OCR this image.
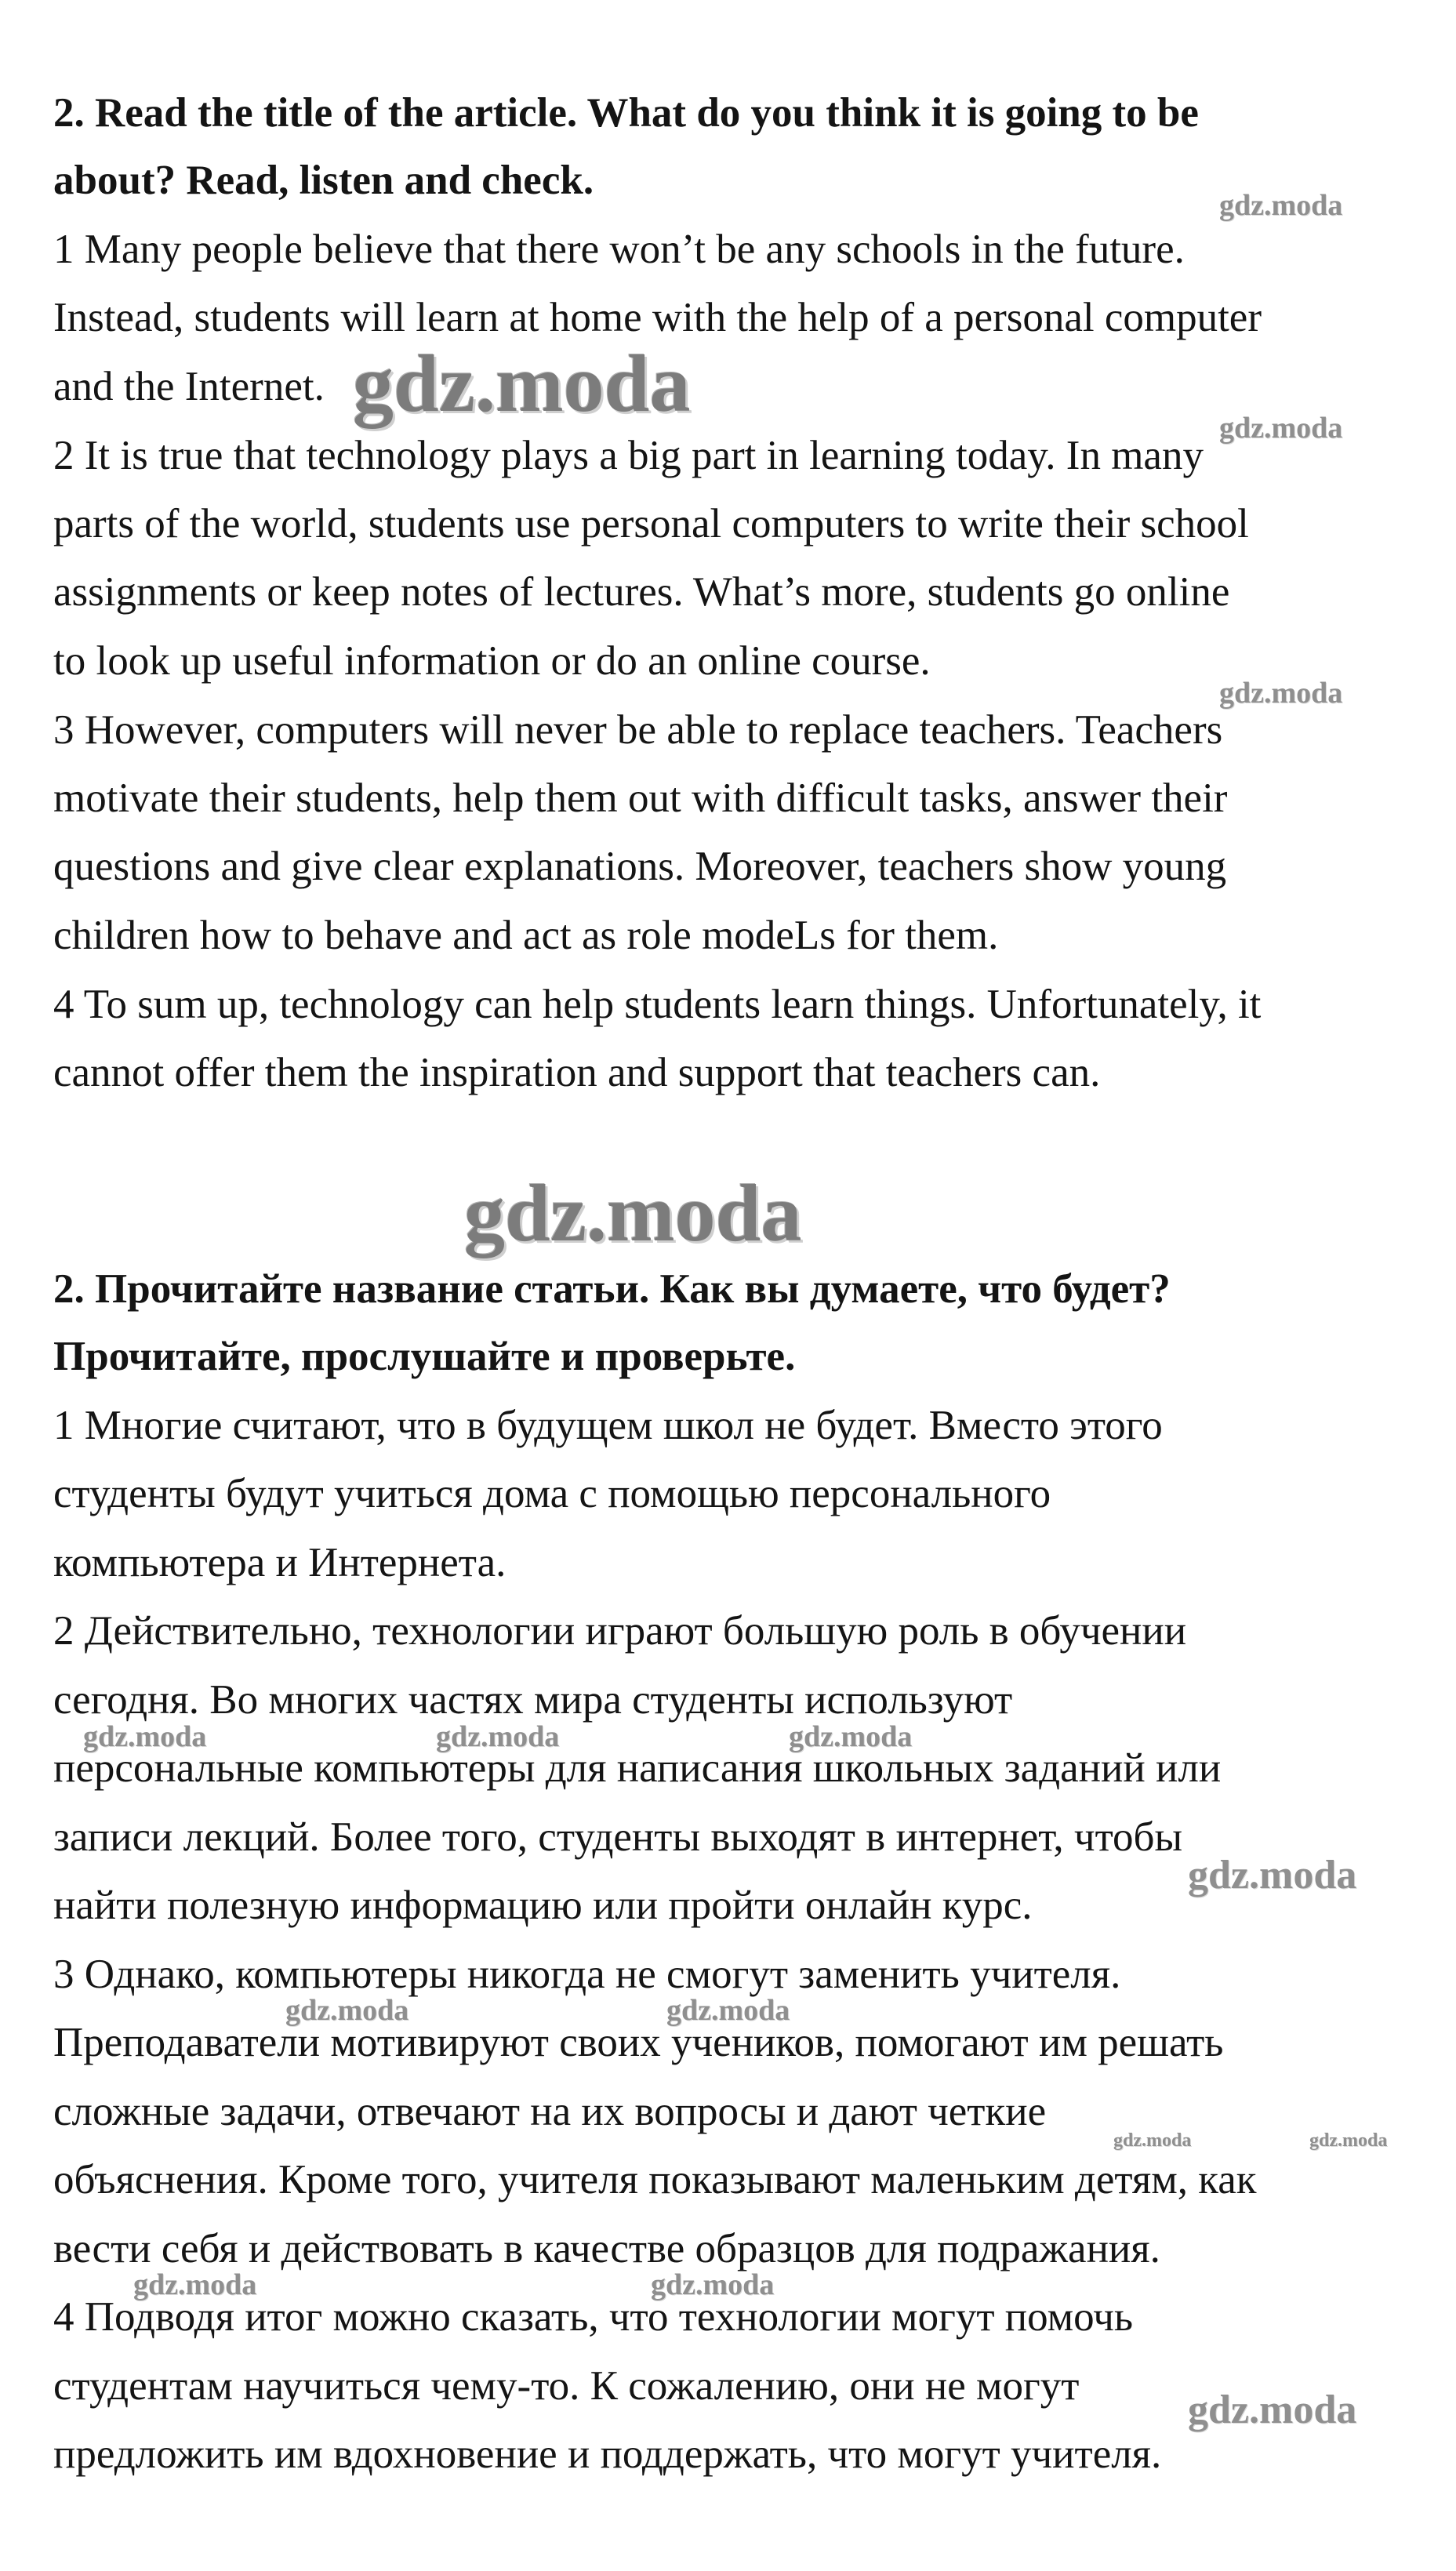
2. Read the title of the article. What do you think it is going to be

about? Read, listen and check.

1 Many people believe that there won’t be any schools in the future.

Instead, students will learn at home with the help of a personal computer

and the Internet.

2 It is true that technology plays a big part in learning today. In many

parts of the world, students use personal computers to write their school

assignments or keep notes of lectures. What’s more, students go online

to look up useful information or do an online course.

3 However, computers will never be able to replace teachers. Teachers

motivate their students, help them out with difficult tasks, answer their

questions and give clear explanations. Moreover, teachers show young

children how to behave and act as role modeLs for them.

4 To sum up, technology can help students learn things. Unfortunately, it

cannot offer them the inspiration and support that teachers can.

2. Прочитайте название статьи. Как вы думаете, что будет?

Прочитайте, прослушайте и проверьте.

1 Многие считают, что в будущем школ не будет. Вместо этого

студенты будут учиться дома с помощью персонального

компьютера и Интернета.

2 Действительно, технологии играют большую роль в обучении

сегодня. Во многих частях мира студенты используют

персональные компьютеры для написания школьных заданий или

записи лекций. Более того, студенты выходят в интернет, чтобы

найти полезную информацию или пройти онлайн курс.

3 Однако, компьютеры никогда не смогут заменить учителя.

Преподаватели мотивируют своих учеников, помогают им решать

сложные задачи, отвечают на их вопросы и дают четкие

объяснения. Кроме того, учителя показывают маленьким детям, как

вести себя и действовать в качестве образцов для подражания.

4 Подводя итог можно сказать, что технологии могут помочь

студентам научиться чему-то. К сожалению, они не могут

предложить им вдохновение и поддержать, что могут учителя.

gdz.moda
gdz.moda	gdz.moda
gdz.moda
gdz.moda
gdz.moda	gdz.moda	gdz.moda
gdz.moda
gdz.moda	gdz.moda
gdz.moda	gdz.moda
gdz.moda	gdz.moda
gdz.moda
